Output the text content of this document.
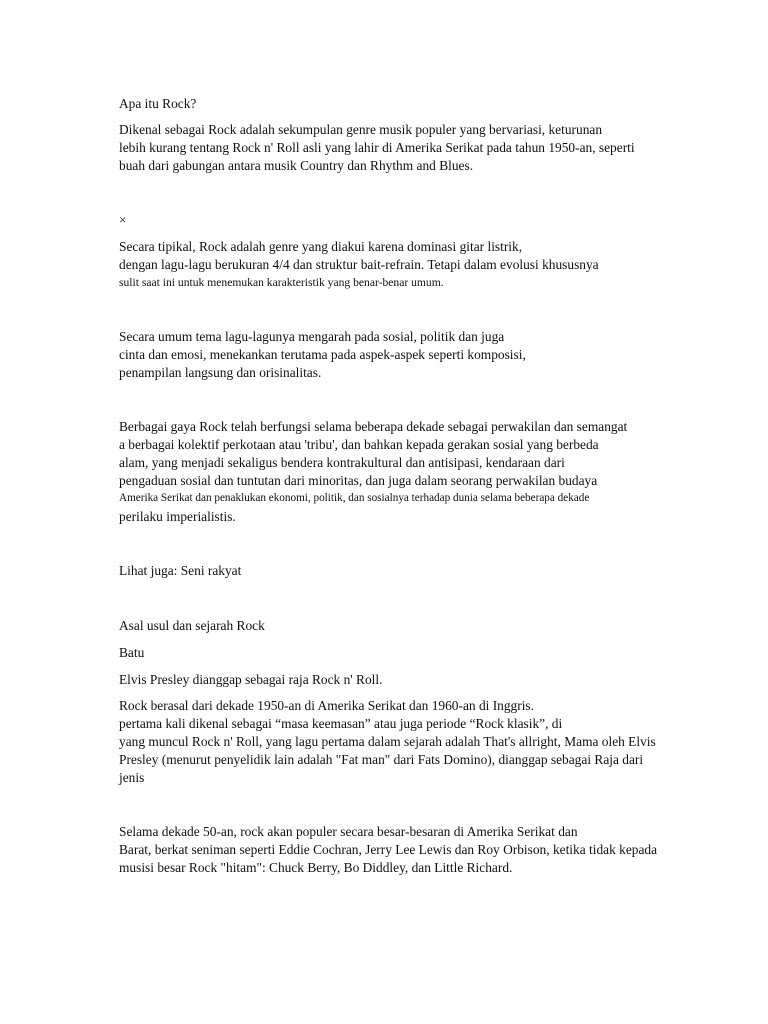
Apa itu Rock?
Dikenal sebagai Rock adalah sekumpulan genre musik populer yang bervariasi, keturunan
lebih kurang tentang Rock n' Roll asli yang lahir di Amerika Serikat pada tahun 1950-an, seperti
buah dari gabungan antara musik Country dan Rhythm and Blues.
×
Secara tipikal, Rock adalah genre yang diakui karena dominasi gitar listrik,
dengan lagu-lagu berukuran 4/4 dan struktur bait-refrain. Tetapi dalam evolusi khususnya
sulit saat ini untuk menemukan karakteristik yang benar-benar umum.
Secara umum tema lagu-lagunya mengarah pada sosial, politik dan juga
cinta dan emosi, menekankan terutama pada aspek-aspek seperti komposisi,
penampilan langsung dan orisinalitas.
Berbagai gaya Rock telah berfungsi selama beberapa dekade sebagai perwakilan dan semangat
a berbagai kolektif perkotaan atau 'tribu', dan bahkan kepada gerakan sosial yang berbeda
alam, yang menjadi sekaligus bendera kontrakultural dan antisipasi, kendaraan dari
pengaduan sosial dan tuntutan dari minoritas, dan juga dalam seorang perwakilan budaya
Amerika Serikat dan penaklukan ekonomi, politik, dan sosialnya terhadap dunia selama beberapa dekade
perilaku imperialistis.
Lihat juga: Seni rakyat
Asal usul dan sejarah Rock
Batu
Elvis Presley dianggap sebagai raja Rock n' Roll.
Rock berasal dari dekade 1950-an di Amerika Serikat dan 1960-an di Inggris.
pertama kali dikenal sebagai “masa keemasan” atau juga periode “Rock klasik”, di
yang muncul Rock n' Roll, yang lagu pertama dalam sejarah adalah That's allright, Mama oleh Elvis
Presley (menurut penyelidik lain adalah "Fat man" dari Fats Domino), dianggap sebagai Raja dari
jenis
Selama dekade 50-an, rock akan populer secara besar-besaran di Amerika Serikat dan
Barat, berkat seniman seperti Eddie Cochran, Jerry Lee Lewis dan Roy Orbison, ketika tidak kepada
musisi besar Rock "hitam": Chuck Berry, Bo Diddley, dan Little Richard.
